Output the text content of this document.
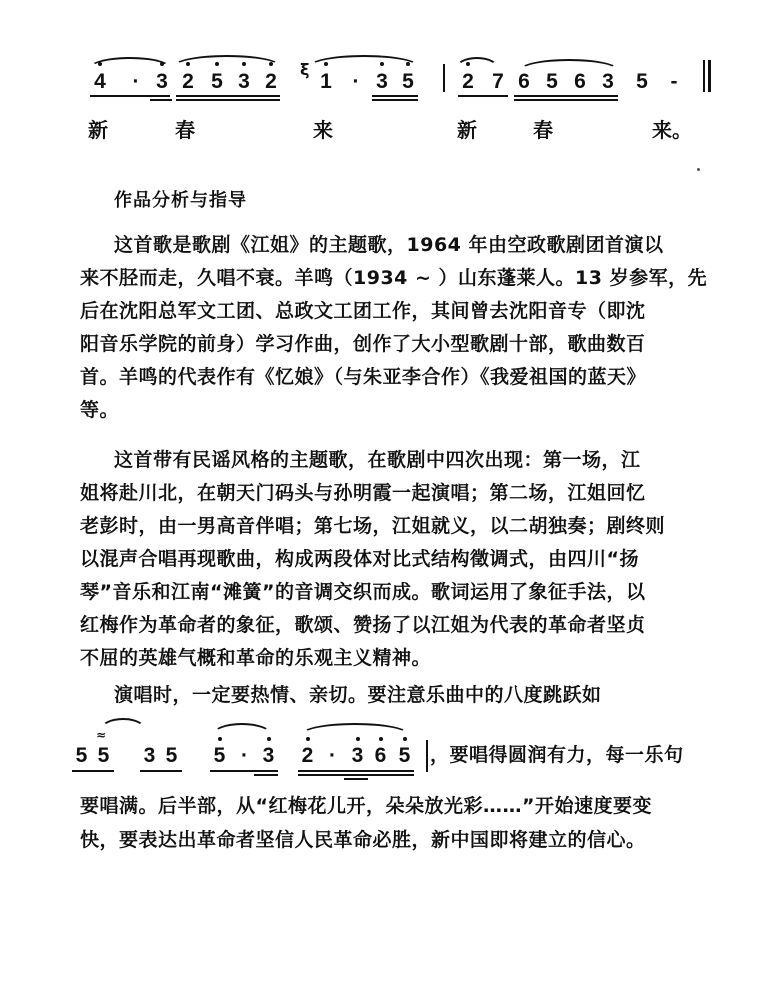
ξ
4 · 3 2 5 3 2 1 · 3 5 2 7 6 5 6 3 5 -
新	春	来	新	春	来。
作品分析与指导
这首歌是歌剧《江姐》的主题歌，1964 年由空政歌剧团首演以
来不胫而走，久唱不衰。羊鸣（1934 ~ ）山东蓬莱人。13 岁参军，先
后在沈阳总军文工团、总政文工团工作，其间曾去沈阳音专（即沈
阳音乐学院的前身）学习作曲，创作了大小型歌剧十部，歌曲数百
首。羊鸣的代表作有《忆娘》（与朱亚李合作）《我爱祖国的蓝天》
等。
这首带有民谣风格的主题歌，在歌剧中四次出现：第一场，江
姐将赴川北，在朝天门码头与孙明霞一起演唱；第二场，江姐回忆
老彭时，由一男高音伴唱；第七场，江姐就义，以二胡独奏；剧终则
以混声合唱再现歌曲，构成两段体对比式结构徵调式，由四川“扬
琴”音乐和江南“滩簧”的音调交织而成。歌词运用了象征手法，以
红梅作为革命者的象征，歌颂、赞扬了以江姐为代表的革命者坚贞
不屈的英雄气概和革命的乐观主义精神。
演唱时，一定要热情、亲切。要注意乐曲中的八度跳跃如
≈
5 5 3 5 5 · 3 2 · 3 6 5 ，要唱得圆润有力，每一乐句
要唱满。后半部，从“红梅花儿开，朵朵放光彩……”开始速度要变
快，要表达出革命者坚信人民革命必胜，新中国即将建立的信心。
